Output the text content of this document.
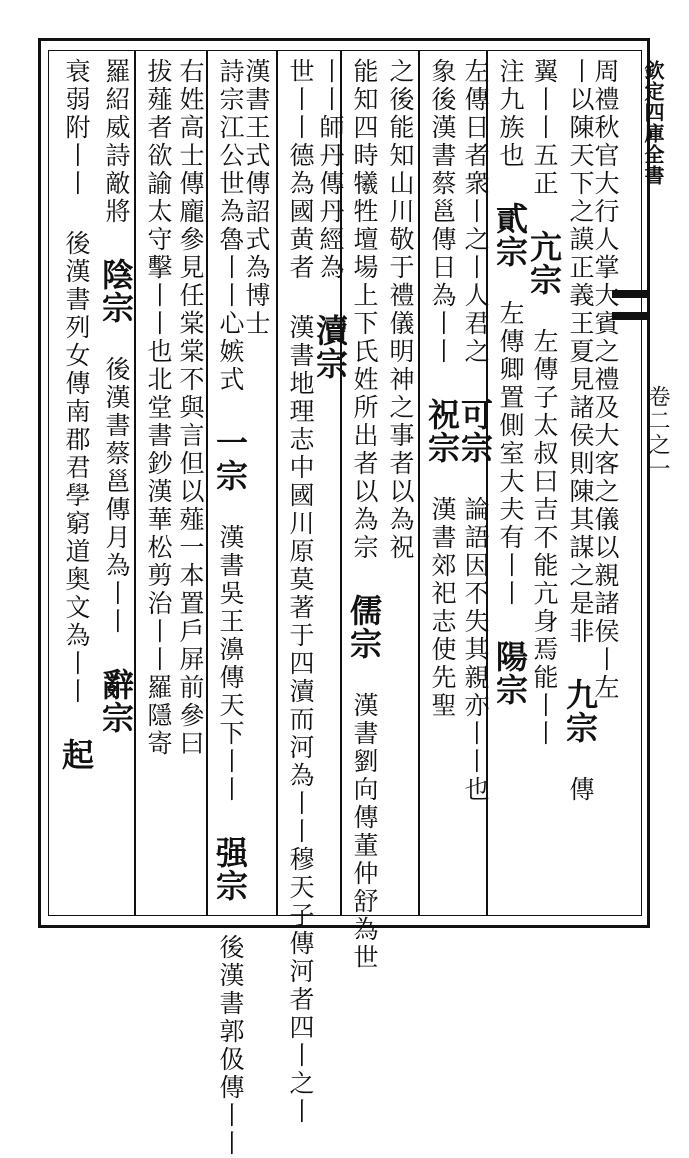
欽定四庫全書
卷二之一
周禮秋官大行人掌大賓之禮及大客之儀以親諸侯丨左
丨以陳天下之謨正義王夏見諸侯則陳其謀之是非 九宗 傳
翼丨丨五正 亢宗 左傳子太叔曰吉不能亢身焉能丨丨
注九族也 貳宗 左傳卿置側室大夫有丨丨 陽宗
左傳日者衆丨之丨人君之 可宗 論語因不失其親亦丨丨也
象後漢書蔡邕傳日為丨丨 祝宗 漢書郊祀志使先聖
之後能知山川敬于禮儀明神之事者以為祝
能知四時犧牲壇場上下氏姓所出者以為宗 儒宗 漢書劉向傳董仲舒為世
丨丨師丹傳丹經為 瀆宗
世丨丨德為國黄者 漢書地理志中國川原莫著于四瀆而河為丨丨穆天子傳河者四丨之丨
漢書王式傳詔式為博士
詩宗江公世為魯丨丨心嫉式 一宗 漢書吳王濞傳天下丨丨 强宗 後漢書郭伋傳丨丨
右姓高士傳龐參見任棠棠不與言但以薤一本置戶屏前參曰
拔薤者欲諭太守擊丨丨也北堂書鈔漢華松剪治丨丨羅隱寄
羅紹威詩敵將 陰宗 後漢書蔡邕傳月為丨丨 辭宗
衰弱附丨丨 後漢書列女傳南郡君學窮道奥文為丨丨 起
